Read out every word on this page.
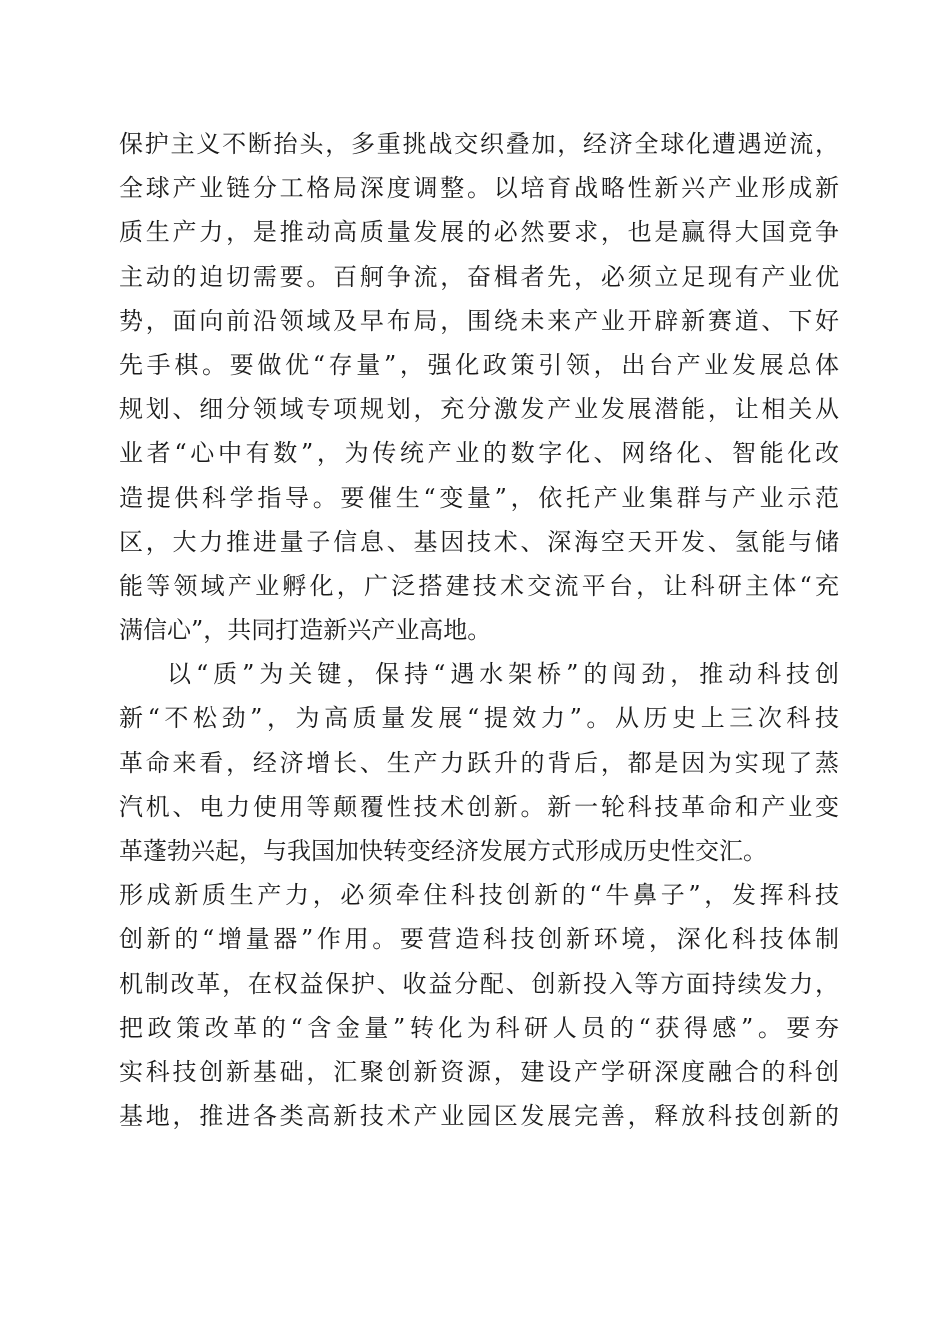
保护主义不断抬头，多重挑战交织叠加，经济全球化遭遇逆流，
全球产业链分工格局深度调整。以培育战略性新兴产业形成新
质生产力，是推动高质量发展的必然要求，也是赢得大国竞争
主动的迫切需要。百舸争流，奋楫者先，必须立足现有产业优
势，面向前沿领域及早布局，围绕未来产业开辟新赛道、下好
先手棋。要做优“存量”，强化政策引领，出台产业发展总体
规划、细分领域专项规划，充分激发产业发展潜能，让相关从
业者“心中有数”，为传统产业的数字化、网络化、智能化改
造提供科学指导。要催生“变量”，依托产业集群与产业示范
区，大力推进量子信息、基因技术、深海空天开发、氢能与储
能等领域产业孵化，广泛搭建技术交流平台，让科研主体“充
满信心”，共同打造新兴产业高地。
以“质”为关键，保持“遇水架桥”的闯劲，推动科技创
新“不松劲”，为高质量发展“提效力”。从历史上三次科技
革命来看，经济增长、生产力跃升的背后，都是因为实现了蒸
汽机、电力使用等颠覆性技术创新。新一轮科技革命和产业变
革蓬勃兴起，与我国加快转变经济发展方式形成历史性交汇。
形成新质生产力，必须牵住科技创新的“牛鼻子”，发挥科技
创新的“增量器”作用。要营造科技创新环境，深化科技体制
机制改革，在权益保护、收益分配、创新投入等方面持续发力，
把政策改革的“含金量”转化为科研人员的“获得感”。要夯
实科技创新基础，汇聚创新资源，建设产学研深度融合的科创
基地，推进各类高新技术产业园区发展完善，释放科技创新的
